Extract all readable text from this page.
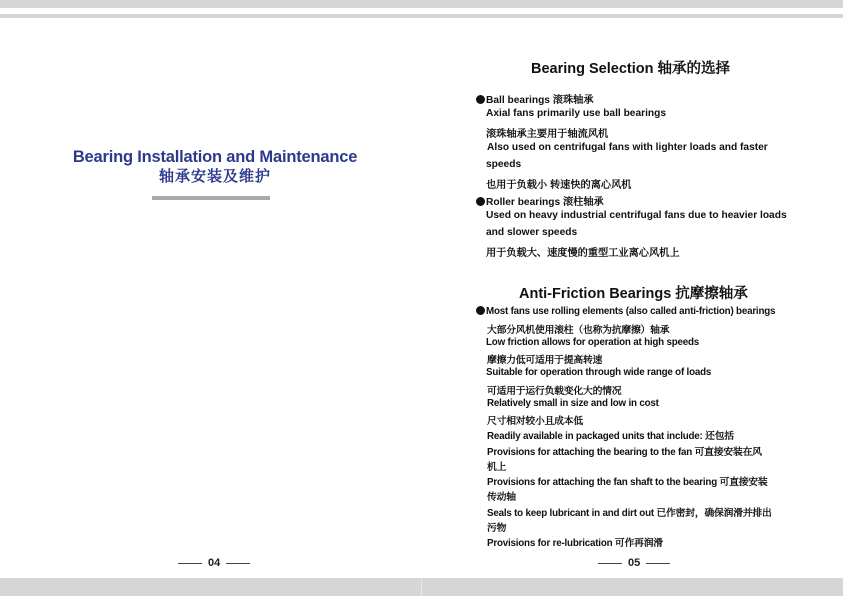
Bearing Installation and Maintenance
轴承安装及维护
04
Bearing Selection 轴承的选择
Ball bearings 滚珠轴承
Axial fans primarily use ball bearings
滚珠轴承主要用于轴流风机
Also used on centrifugal fans with lighter loads and faster
speeds
也用于负载小 转速快的离心风机
Roller bearings 滚柱轴承
Used on heavy industrial centrifugal fans due to heavier loads
and slower speeds
用于负载大、速度慢的重型工业离心风机上
Anti-Friction Bearings 抗摩擦轴承
Most fans use rolling elements (also called anti-friction) bearings
大部分风机使用滚柱（也称为抗摩擦）轴承
Low friction allows for operation at high speeds
摩擦力低可适用于提高转速
Suitable for operation through wide range of loads
可适用于运行负载变化大的情况
Relatively small in size and low in cost
尺寸相对较小且成本低
Readily available in packaged units that include: 还包括
Provisions for attaching the bearing to the fan 可直接安装在风
机上
Provisions for attaching the fan shaft to the bearing 可直接安装
传动轴
Seals to keep lubricant in and dirt out 已作密封，确保润滑并排出
污物
Provisions for re-lubrication 可作再润滑
05
